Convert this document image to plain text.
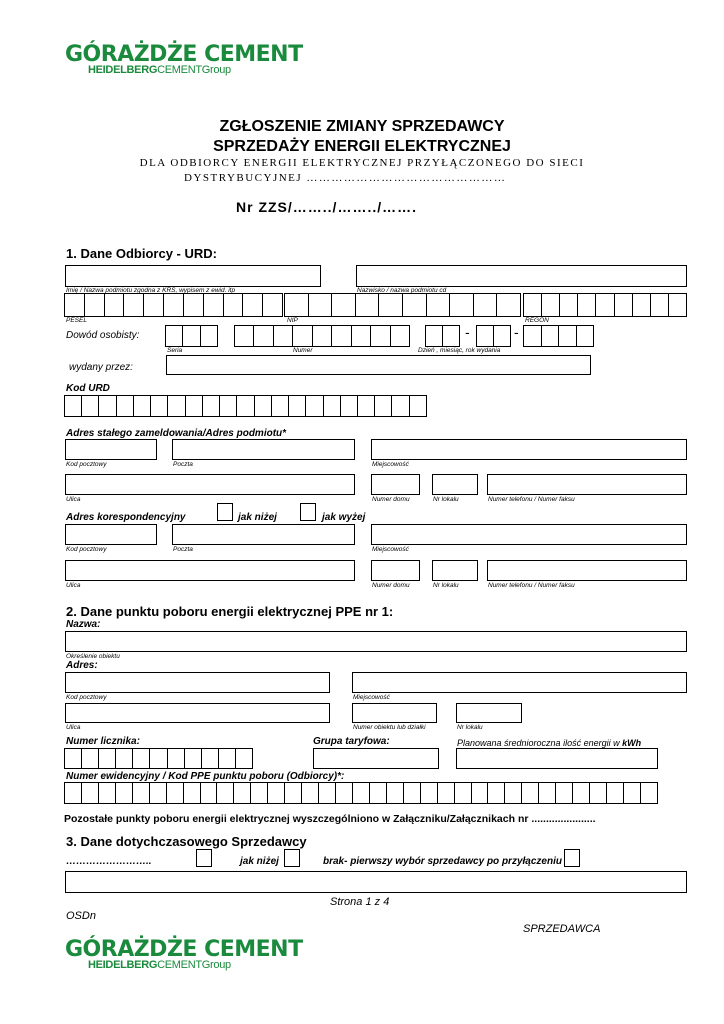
GÓRAŻDŻE CEMENT
HEIDELBERGCEMENTGroup
ZGŁOSZENIE ZMIANY SPRZEDAWCY
SPRZEDAŻY ENERGII ELEKTRYCZNEJ
DLA ODBIORCY ENERGII ELEKTRYCZNEJ PRZYŁĄCZONEGO DO SIECI
DYSTRYBUCYJNEJ …………………………………………
Nr ZZS/……../……../…….
1. Dane Odbiorcy - URD:
Imię / Nazwa podmiotu zgodna z KRS, wypisem z ewid. itp	Nazwisko / nazwa podmiotu cd
PESEL	NIP	REGON
Dowód osobisty:	-	-
Seria	Numer	Dzień , miesiąc, rok wydania
wydany przez:
Kod URD
Adres stałego zameldowania/Adres podmiotu*
Kod pocztowy	Poczta	Miejscowość
Ulica	Numer domu	Nr lokalu	Numer telefonu / Numer faksu
Adres korespondencyjny	jak niżej	jak wyżej
Kod pocztowy	Poczta	Miejscowość
Ulica	Numer domu	Nr lokalu	Numer telefonu / Numer faksu
2. Dane punktu poboru energii elektrycznej PPE nr 1:
Nazwa:
Określenie obiektu
Adres:
Kod pocztowy	Miejscowość
Ulica	Numer obiektu lub działki	Nr lokalu
Numer licznika:	Grupa taryfowa:	Planowana średnioroczna ilość energii w kWh
Numer ewidencyjny / Kod PPE punktu poboru (Odbiorcy)*:
Pozostałe punkty poboru energii elektrycznej wyszczególniono w Załączniku/Załącznikach nr ......................
3. Dane dotychczasowego Sprzedawcy
……………………..	jak niżej	brak- pierwszy wybór sprzedawcy po przyłączeniu
Strona 1 z 4
OSDn
SPRZEDAWCA
GÓRAŻDŻE CEMENT
HEIDELBERGCEMENTGroup
